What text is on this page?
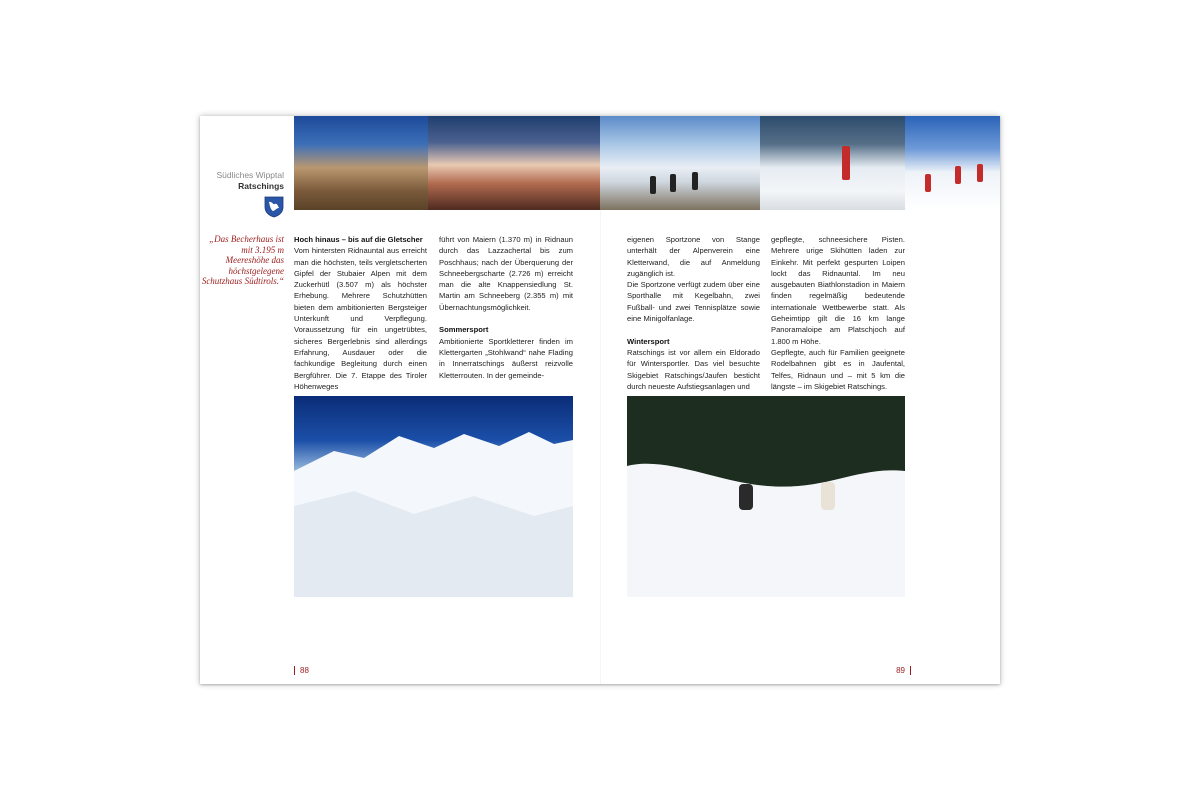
Südliches Wipptal
Ratschings
„Das Becherhaus ist mit 3.195 m Meereshöhe das höchstgelegene Schutzhaus Südtirols.“
Hoch hinaus – bis auf die Gletscher

Vom hintersten Ridnauntal aus erreicht man die höchsten, teils vergletscherten Gipfel der Stubaier Alpen mit dem Zuckerhütl (3.507 m) als höchster Erhebung. Mehrere Schutzhütten bieten dem ambitionierten Bergsteiger Unterkunft und Verpflegung. Voraussetzung für ein ungetrübtes, sicheres Bergerlebnis sind allerdings Erfahrung, Ausdauer oder die fachkundige Begleitung durch einen Bergführer. Die 7. Etappe des Tiroler Höhenweges

führt von Maiern (1.370 m) in Ridnaun durch das Lazzachertal bis zum Poschhaus; nach der Überquerung der Schneebergscharte (2.726 m) erreicht man die alte Knappensiedlung St. Martin am Schneeberg (2.355 m) mit Übernachtungsmöglichkeit.

Sommersport

Ambitionierte Sportkletterer finden im Klettergarten „Stohlwand“ nahe Flading in Innerratschings äußerst reizvolle Kletterrouten. In der gemeinde-

eigenen Sportzone von Stange unterhält der Alpenverein eine Kletterwand, die auf Anmeldung zugänglich ist.

Die Sportzone verfügt zudem über eine Sporthalle mit Kegelbahn, zwei Fußball- und zwei Tennisplätze sowie eine Minigolfanlage.

Wintersport

Ratschings ist vor allem ein Eldorado für Wintersportler. Das viel besuchte Skigebiet Ratschings/Jaufen besticht durch neueste Aufstiegsanlagen und

gepflegte, schneesichere Pisten. Mehrere urige Skihütten laden zur Einkehr. Mit perfekt gespurten Loipen lockt das Ridnauntal. Im neu ausgebauten Biathlonstadion in Maiern finden regelmäßig bedeutende internationale Wettbewerbe statt. Als Geheimtipp gilt die 16 km lange Panoramaloipe am Platschjoch auf 1.800 m Höhe.

Gepflegte, auch für Familien geeignete Rodelbahnen gibt es in Jaufental, Telfes, Ridnaun und – mit 5 km die längste – im Skigebiet Ratschings.

88	89
